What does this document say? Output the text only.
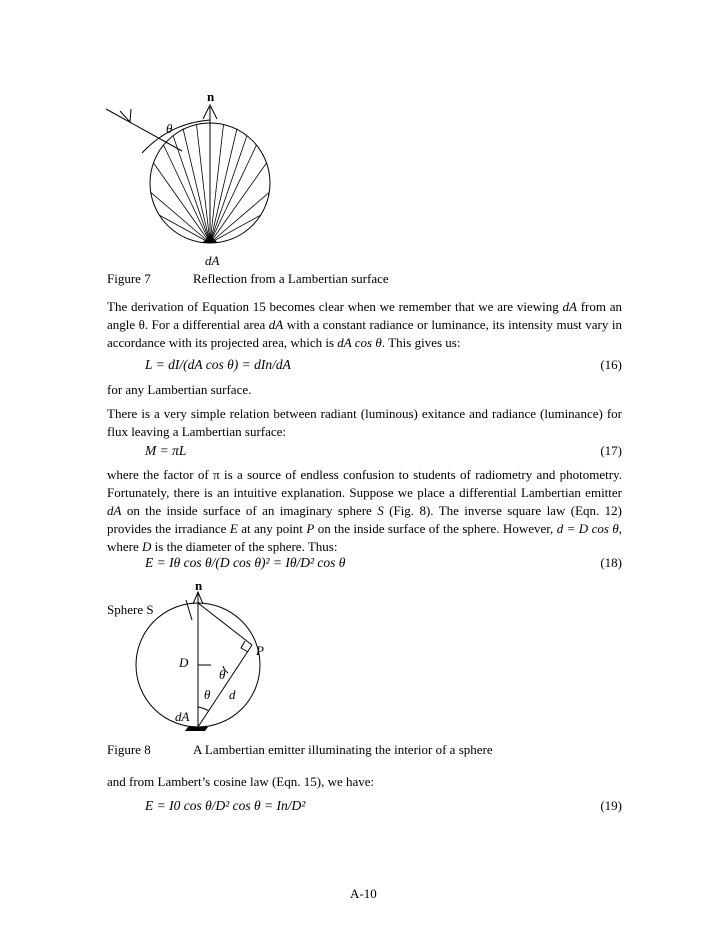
n
θ
dA
Figure 7	Reflection from a Lambertian surface
The derivation of Equation 15 becomes clear when we remember that we are viewing dA from an angle θ. For a differential area dA with a constant radiance or luminance, its intensity must vary in accordance with its projected area, which is dA cos θ. This gives us:
L = dI/(dA cos θ) = dIn/dA	(16)
for any Lambertian surface.
There is a very simple relation between radiant (luminous) exitance and radiance (luminance) for flux leaving a Lambertian surface:
M = πL	(17)
where the factor of π is a source of endless confusion to students of radiometry and photometry. Fortunately, there is an intuitive explanation. Suppose we place a differential Lambertian emitter dA on the inside surface of an imaginary sphere S (Fig. 8). The inverse square law (Eqn. 12) provides the irradiance E at any point P on the inside surface of the sphere. However, d = D cos θ, where D is the diameter of the sphere. Thus:
E = Iθ cos θ/(D cos θ)² = Iθ/D² cos θ	(18)
n
D
P
θ
θ d
dA
Sphere S
Figure 8	A Lambertian emitter illuminating the interior of a sphere
and from Lambert’s cosine law (Eqn. 15), we have:
E = I0 cos θ/D² cos θ = In/D²	(19)
A-10
